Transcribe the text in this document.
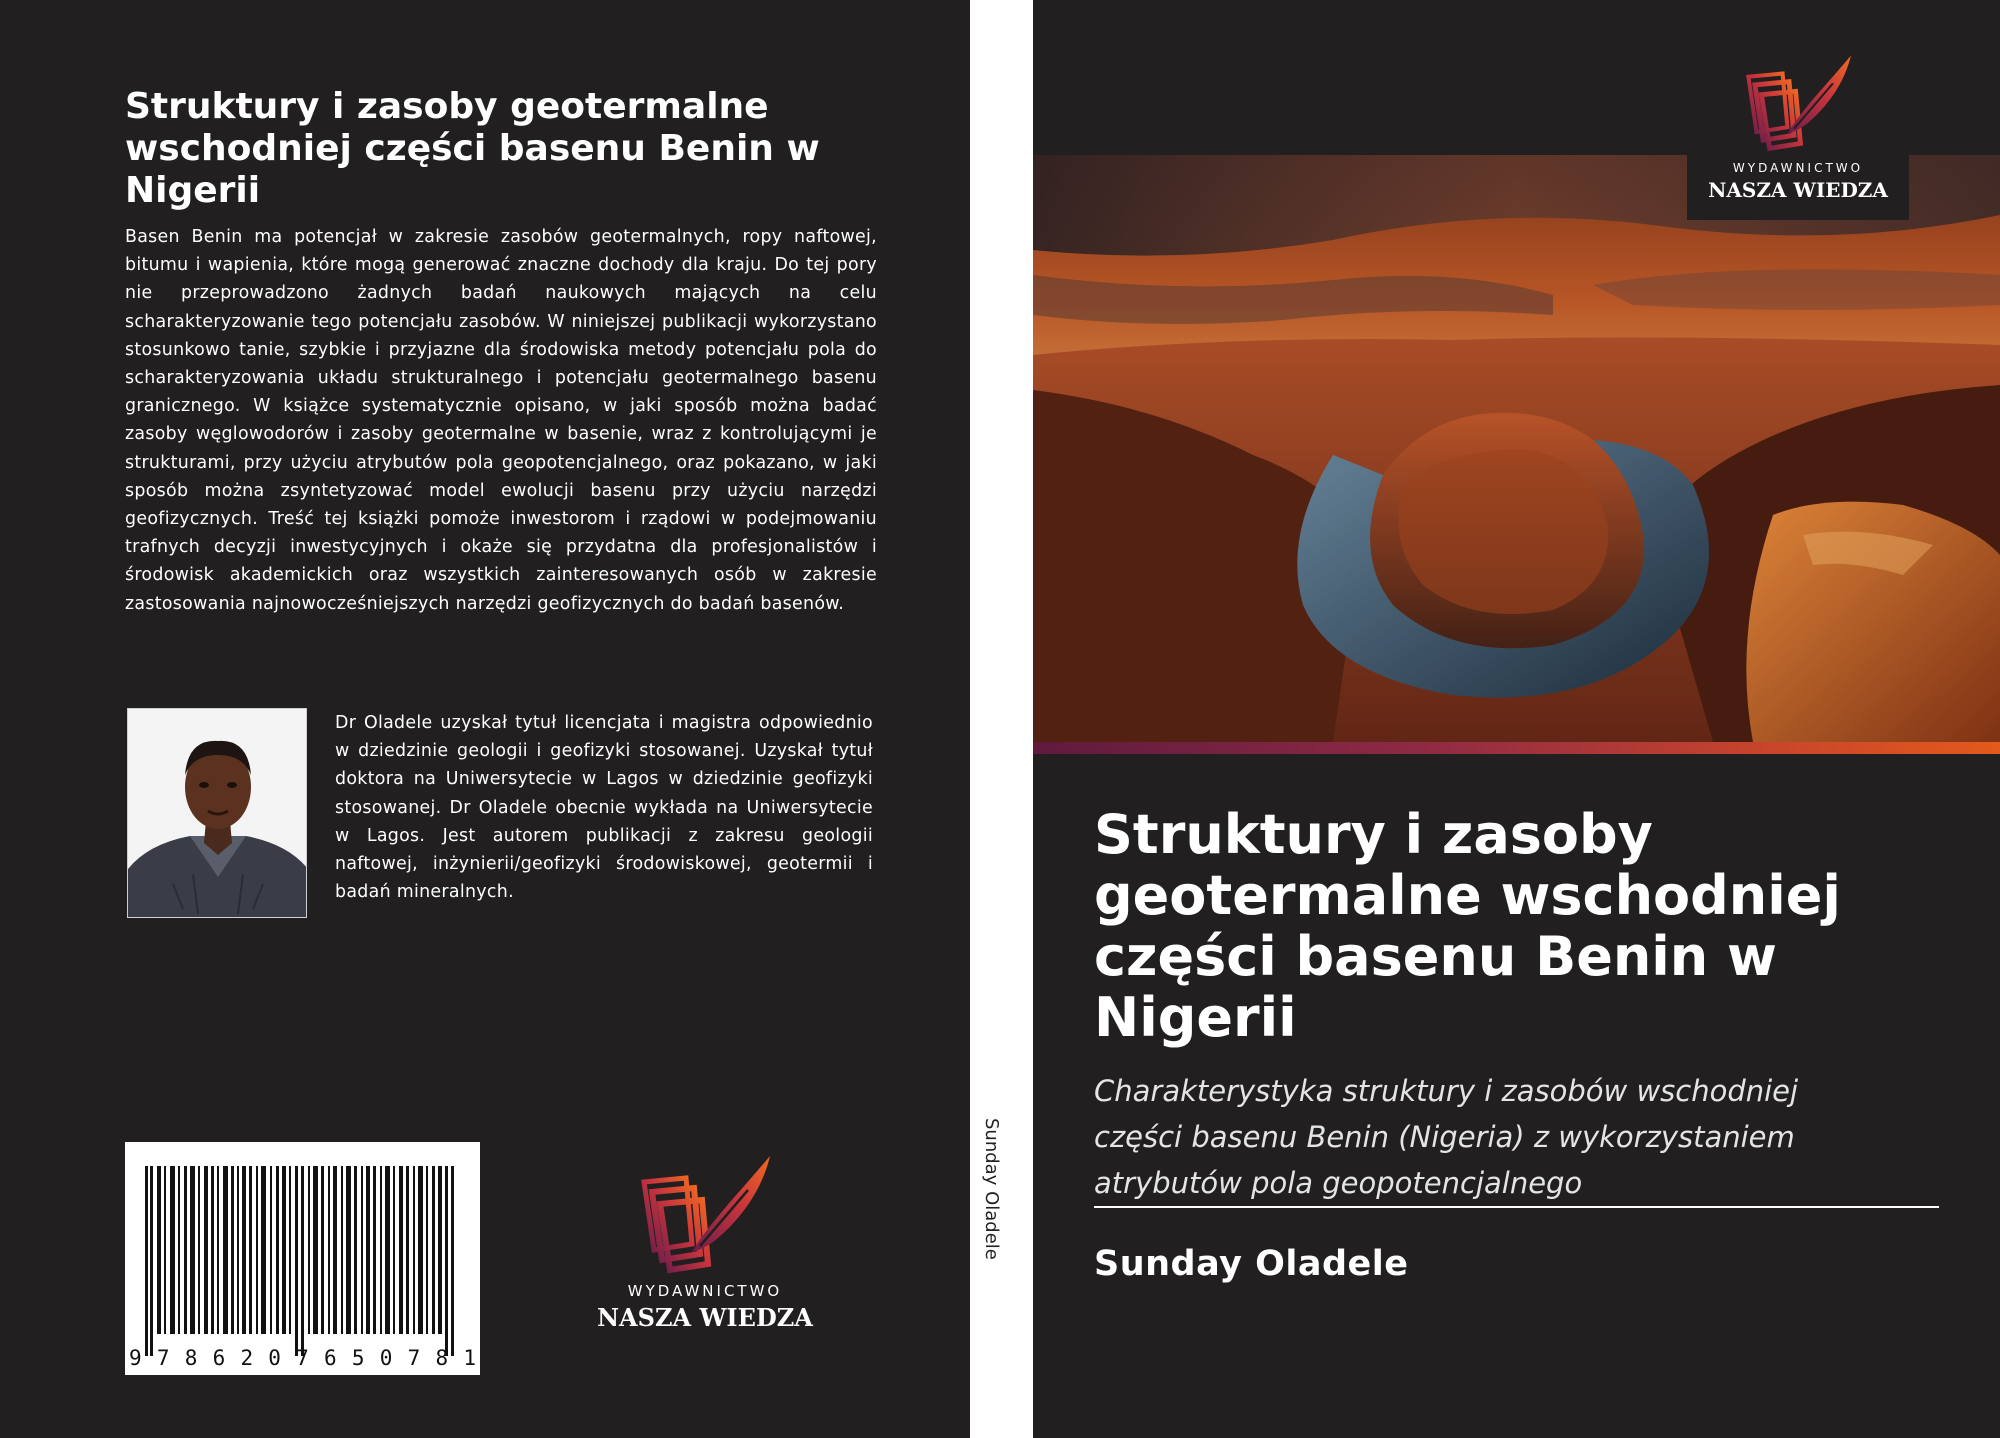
Struktury i zasoby geotermalne wschodniej części basenu Benin w Nigerii

Basen Benin ma potencjał w zakresie zasobów geotermalnych, ropy naftowej, bitumu i wapienia, które mogą generować znaczne dochody dla kraju. Do tej pory nie przeprowadzono żadnych badań naukowych mających na celu scharakteryzowanie tego potencjału zasobów. W niniejszej publikacji wykorzystano stosunkowo tanie, szybkie i przyjazne dla środowiska metody potencjału pola do scharakteryzowania układu strukturalnego i potencjału geotermalnego basenu granicznego. W książce systematycznie opisano, w jaki sposób można badać zasoby węglowodorów i zasoby geotermalne w basenie, wraz z kontrolującymi je strukturami, przy użyciu atrybutów pola geopotencjalnego, oraz pokazano, w jaki sposób można zsyntetyzować model ewolucji basenu przy użyciu narzędzi geofizycznych. Treść tej książki pomoże inwestorom i rządowi w podejmowaniu trafnych decyzji inwestycyjnych i okaże się przydatna dla profesjonalistów i środowisk akademickich oraz wszystkich zainteresowanych osób w zakresie zastosowania najnowocześniejszych narzędzi geofizycznych do badań basenów.

Dr Oladele uzyskał tytuł licencjata i magistra odpowiednio w dziedzinie geologii i geofizyki stosowanej. Uzyskał tytuł doktora na Uniwersytecie w Lagos w dziedzinie geofizyki stosowanej. Dr Oladele obecnie wykłada na Uniwersytecie w Lagos. Jest autorem publikacji z zakresu geologii naftowej, inżynierii/geofizyki środowiskowej, geotermii i badań mineralnych.

9 7 8 6 2 0 7 6 5 0 7 8 1
WYDAWNICTWO
NASZA WIEDZA
Sunday Oladele
WYDAWNICTWO
NASZA WIEDZA
Struktury i zasoby geotermalne wschodniej części basenu Benin w Nigerii

Charakterystyka struktury i zasobów wschodniej części basenu Benin (Nigeria) z wykorzystaniem atrybutów pola geopotencjalnego

Sunday Oladele
